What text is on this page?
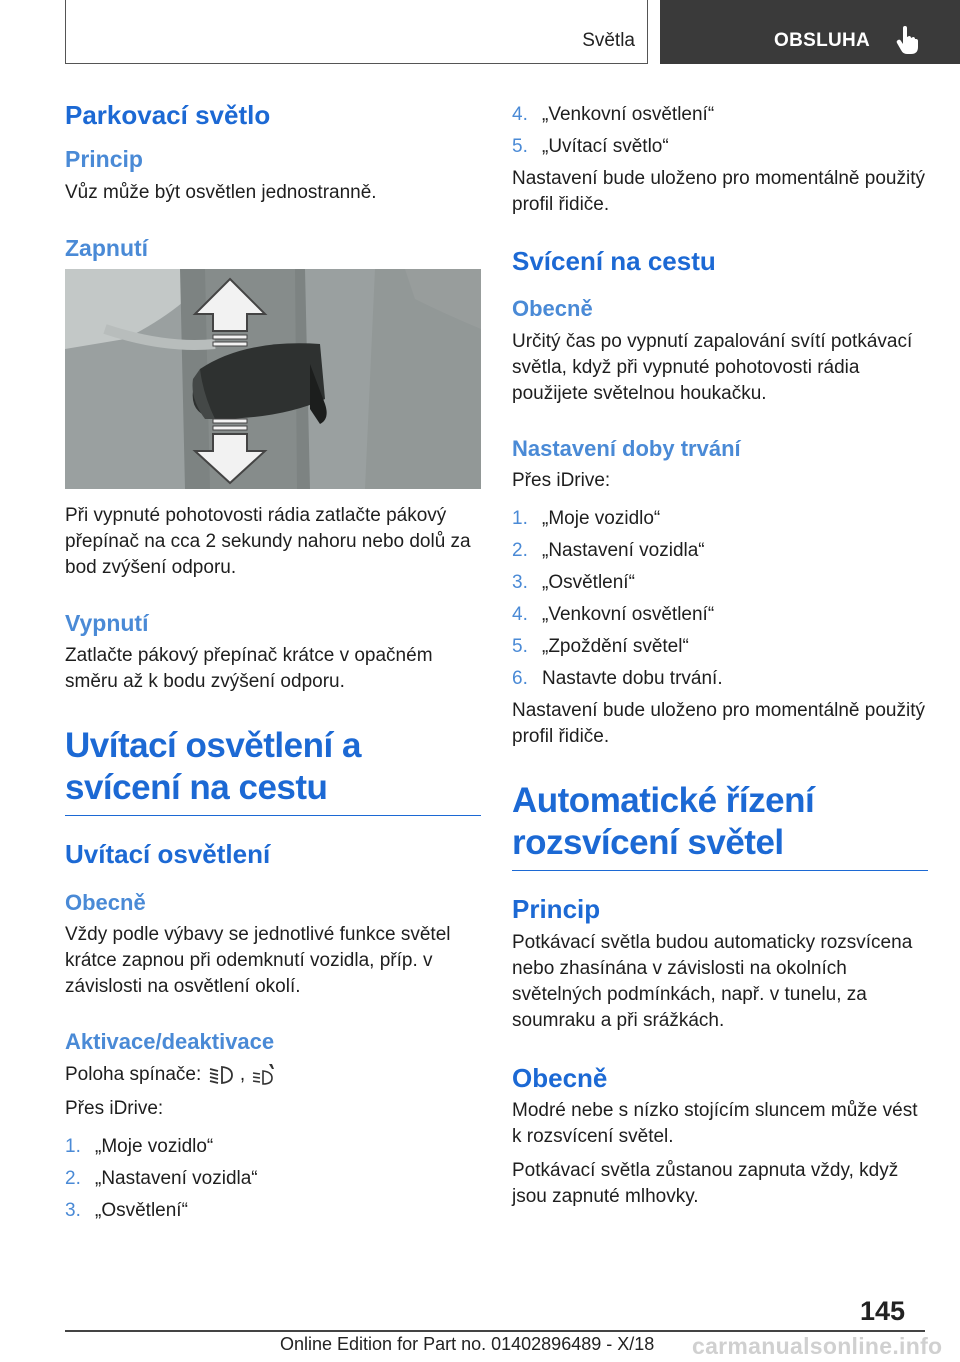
Světla	OBSLUHA
Parkovací světlo
Princip

Vůz může být osvětlen jednostranně.

Zapnutí

Při vypnuté pohotovosti rádia zatlačte pákový přepínač na cca 2 sekundy nahoru nebo dolů za bod zvýšení odporu.

Vypnutí

Zatlačte pákový přepínač krátce v opačném směru až k bodu zvýšení odporu.

Uvítací osvětlení a svícení na cestu
Uvítací osvětlení
Obecně

Vždy podle výbavy se jednotlivé funkce světel krátce zapnou při odemknutí vozidla, příp. v závislosti na osvětlení okolí.

Aktivace/deaktivace

Poloha spínače: ,

Přes iDrive:

1. „Moje vozidlo“
2. „Nastavení vozidla“
3. „Osvětlení“
4. „Venkovní osvětlení“
5. „Uvítací světlo“

Nastavení bude uloženo pro momentálně použitý profil řidiče.

Svícení na cestu
Obecně

Určitý čas po vypnutí zapalování svítí potkávací světla, když při vypnuté pohotovosti rádia použijete světelnou houkačku.

Nastavení doby trvání

Přes iDrive:

1. „Moje vozidlo“
2. „Nastavení vozidla“
3. „Osvětlení“
4. „Venkovní osvětlení“
5. „Zpoždění světel“
6. Nastavte dobu trvání.

Nastavení bude uloženo pro momentálně použitý profil řidiče.

Automatické řízení rozsvícení světel
Princip

Potkávací světla budou automaticky rozsvícena nebo zhasínána v závislosti na okolních světelných podmínkách, např. v tunelu, za soumraku a při srážkách.

Obecně

Modré nebe s nízko stojícím sluncem může vést k rozsvícení světel.

Potkávací světla zůstanou zapnuta vždy, když jsou zapnuté mlhovky.

145
Online Edition for Part no. 01402896489 - X/18 carmanualsonline.info
